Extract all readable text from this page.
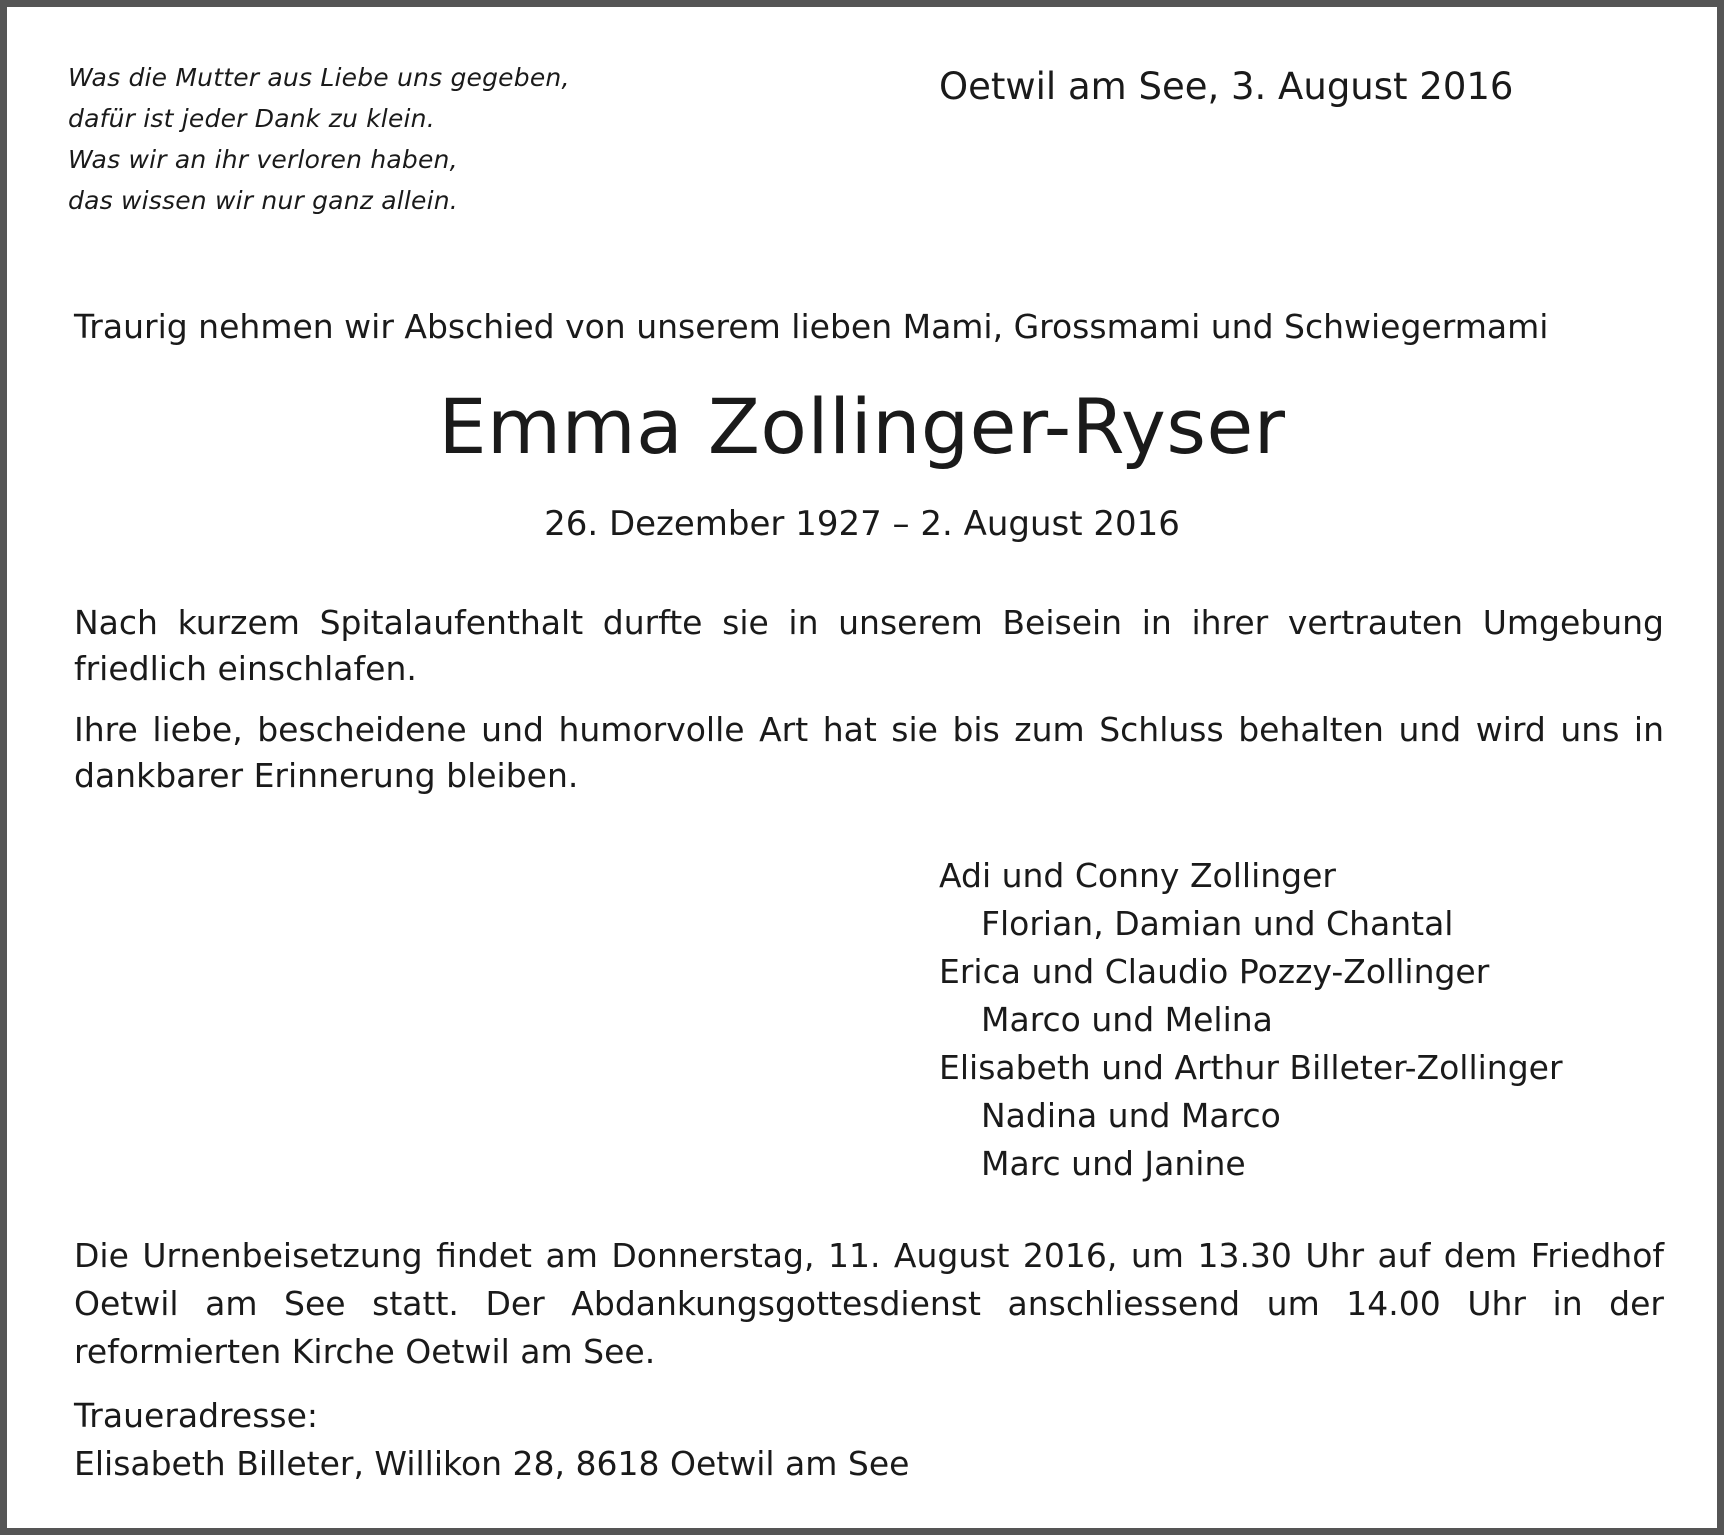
Was die Mutter aus Liebe uns gegeben,
dafür ist jeder Dank zu klein.
Was wir an ihr verloren haben,
das wissen wir nur ganz allein.
Oetwil am See, 3. August 2016
Traurig nehmen wir Abschied von unserem lieben Mami, Grossmami und Schwiegermami
Emma Zollinger-Ryser
26. Dezember 1927 – 2. August 2016
Nach kurzem Spitalaufenthalt durfte sie in unserem Beisein in ihrer vertrauten Umgebung friedlich einschlafen.
Ihre liebe, bescheidene und humorvolle Art hat sie bis zum Schluss behalten und wird uns in dankbarer Erinnerung bleiben.
Adi und Conny Zollinger
Florian, Damian und Chantal
Erica und Claudio Pozzy-Zollinger
Marco und Melina
Elisabeth und Arthur Billeter-Zollinger
Nadina und Marco
Marc und Janine
Die Urnenbeisetzung findet am Donnerstag, 11. August 2016, um 13.30 Uhr auf dem Friedhof Oetwil am See statt. Der Abdankungsgottesdienst anschliessend um 14.00 Uhr in der reformierten Kirche Oetwil am See.
Traueradresse:
Elisabeth Billeter, Willikon 28, 8618 Oetwil am See
